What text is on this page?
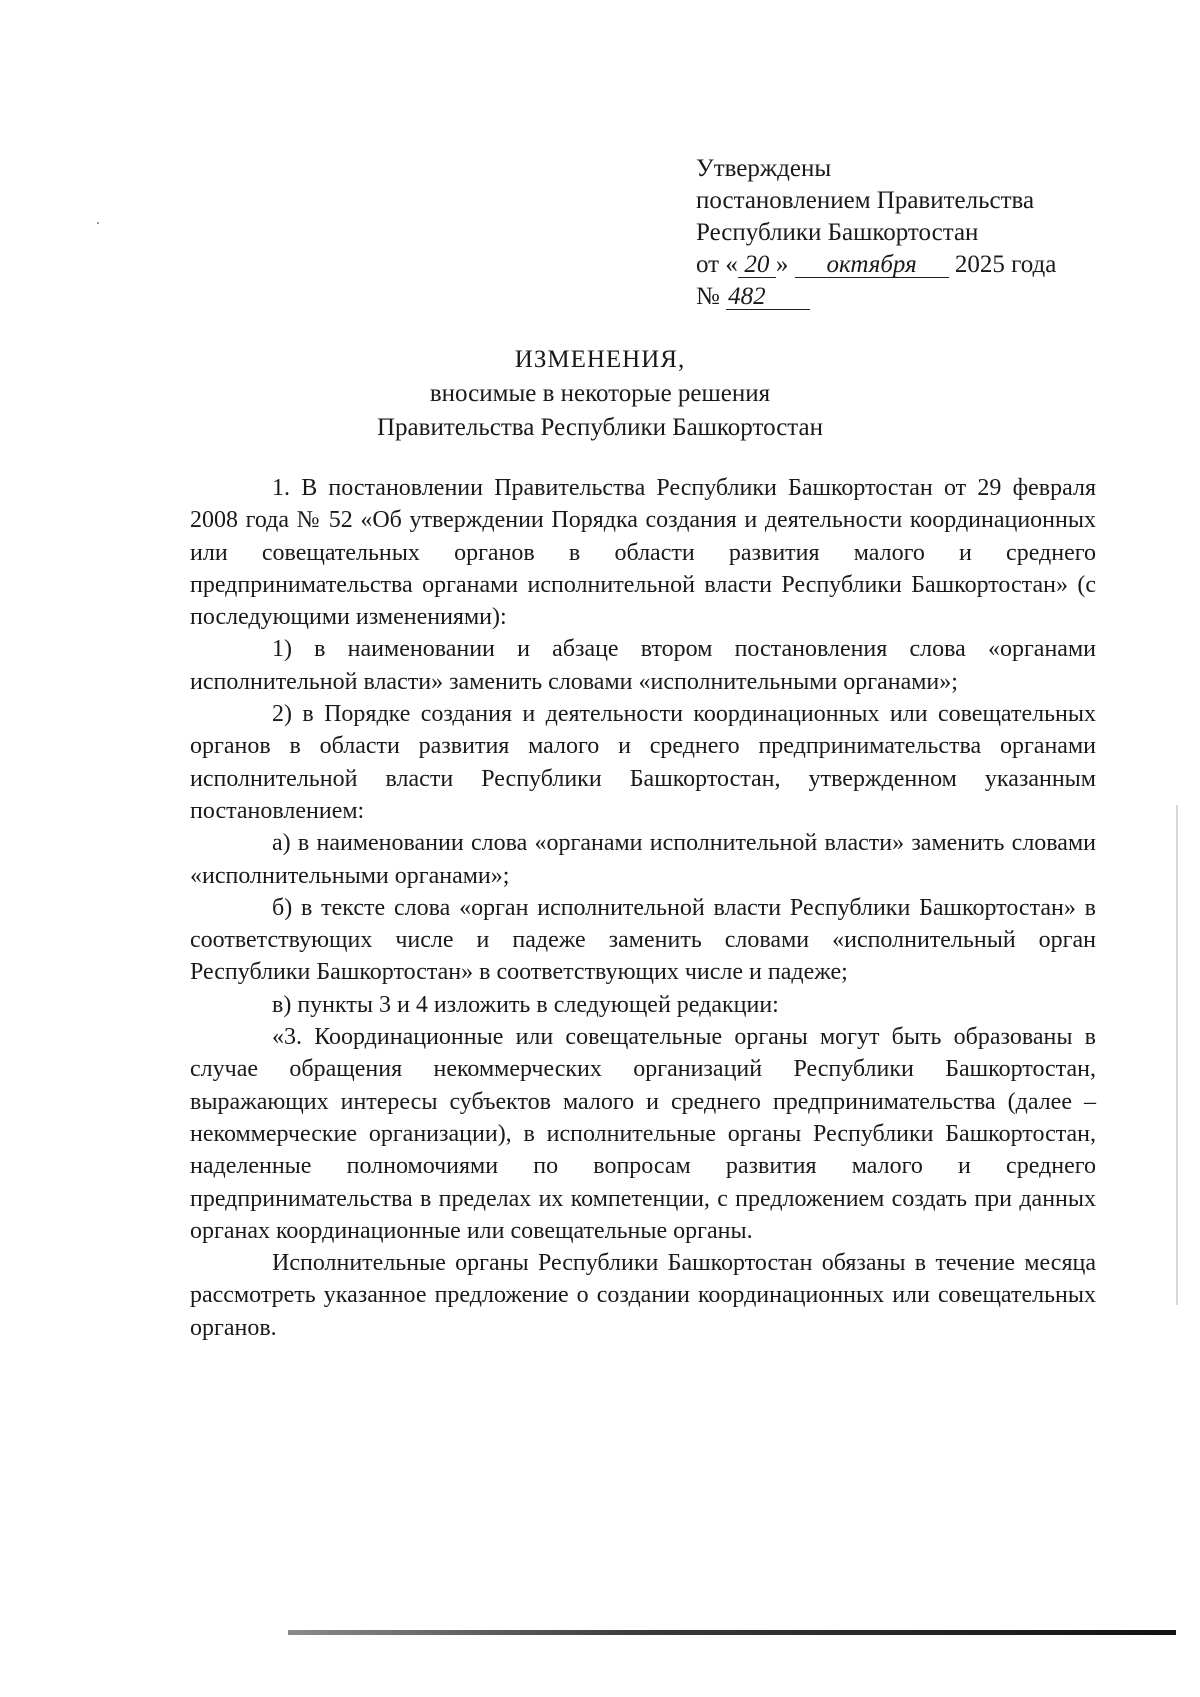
Утверждены
постановлением Правительства
Республики Башкортостан
от « 20 » октября 2025 года
№ 482
ИЗМЕНЕНИЯ,
вносимые в некоторые решения
Правительства Республики Башкортостан

1. В постановлении Правительства Республики Башкортостан от 29 февраля 2008 года № 52 «Об утверждении Порядка создания и деятельности координационных или совещательных органов в области развития малого и среднего предпринимательства органами исполнительной власти Республики Башкортостан» (с последующими изменениями):

1) в наименовании и абзаце втором постановления слова «органами исполнительной власти» заменить словами «исполнительными органами»;

2) в Порядке создания и деятельности координационных или совещательных органов в области развития малого и среднего предпринимательства органами исполнительной власти Республики Башкортостан, утвержденном указанным постановлением:

а) в наименовании слова «органами исполнительной власти» заменить словами «исполнительными органами»;

б) в тексте слова «орган исполнительной власти Республики Башкортостан» в соответствующих числе и падеже заменить словами «исполнительный орган Республики Башкортостан» в соответствующих числе и падеже;

в) пункты 3 и 4 изложить в следующей редакции:

«3. Координационные или совещательные органы могут быть образованы в случае обращения некоммерческих организаций Республики Башкортостан, выражающих интересы субъектов малого и среднего предпринимательства (далее – некоммерческие организации), в исполнительные органы Республики Башкортостан, наделенные полномочиями по вопросам развития малого и среднего предпринимательства в пределах их компетенции, с предложением создать при данных органах координационные или совещательные органы.

Исполнительные органы Республики Башкортостан обязаны в течение месяца рассмотреть указанное предложение о создании координационных или совещательных органов.
